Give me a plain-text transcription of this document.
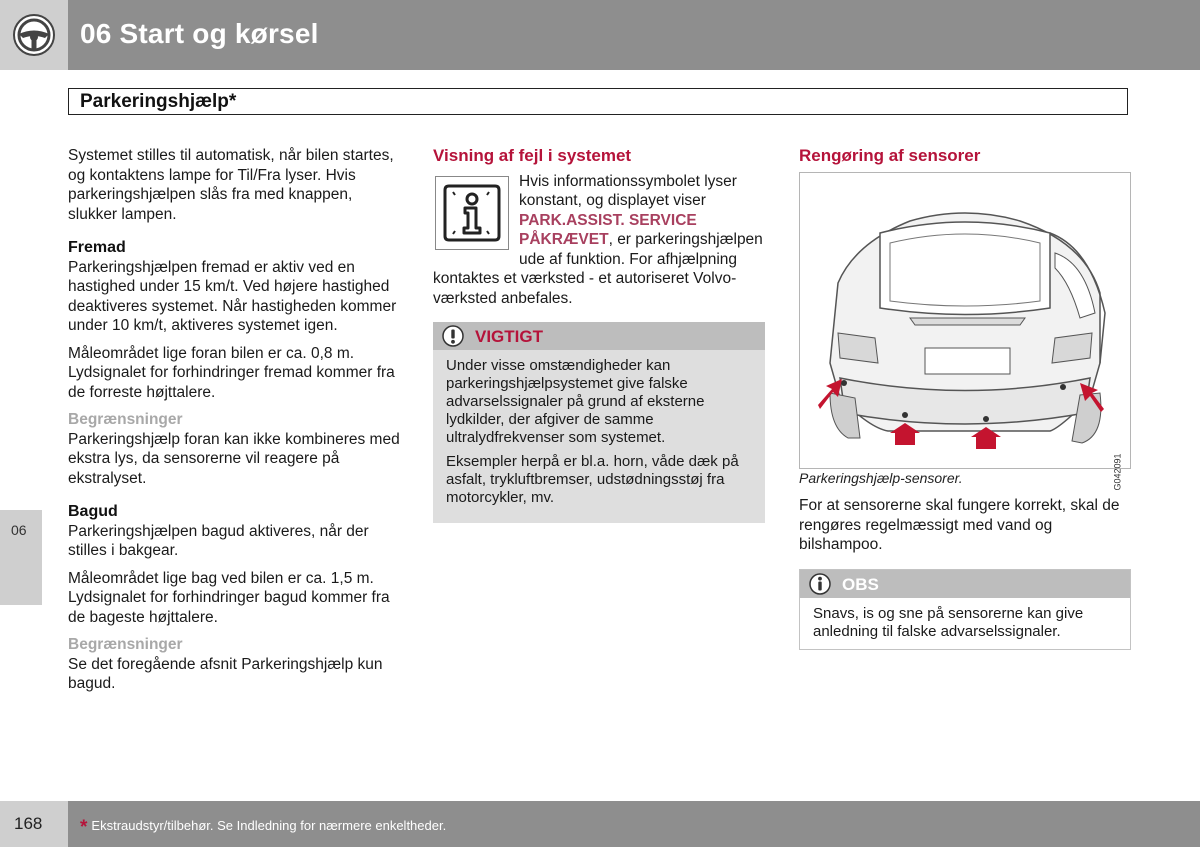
06 Start og kørsel
06
Parkeringshjælp*

Systemet stilles til automatisk, når bilen startes, og kontaktens lampe for Til/Fra lyser. Hvis parkeringshjælpen slås fra med knappen, slukker lampen.

Fremad

Parkeringshjælpen fremad er aktiv ved en hastighed under 15 km/t. Ved højere hastighed deaktiveres systemet. Når hastigheden kommer under 10 km/t, aktiveres systemet igen.

Måleområdet lige foran bilen er ca. 0,8 m. Lydsignalet for forhindringer fremad kommer fra de forreste højttalere.

Begrænsninger

Parkeringshjælp foran kan ikke kombineres med ekstra lys, da sensorerne vil reagere på ekstralyset.

Bagud

Parkeringshjælpen bagud aktiveres, når der stilles i bakgear.

Måleområdet lige bag ved bilen er ca. 1,5 m. Lydsignalet for forhindringer bagud kommer fra de bageste højttalere.

Begrænsninger

Se det foregående afsnit Parkeringshjælp kun bagud.

Visning af fejl i systemet

Hvis informationssymbolet lyser konstant, og displayet viser PARK.ASSIST. SERVICE PÅKRÆVET, er parkeringshjælpen ude af funktion. For afhjælpning kontaktes et værksted - et autoriseret Volvo-værksted anbefales.

VIGTIGT

Under visse omstændigheder kan parkeringshjælpsystemet give falske advarselssignaler på grund af eksterne lydkilder, der afgiver de samme ultralydfrekvenser som systemet.

Eksempler herpå er bl.a. horn, våde dæk på asfalt, trykluftbremser, udstødningsstøj fra motorcykler, mv.

Rengøring af sensorer
G042091

Parkeringshjælp-sensorer.

For at sensorerne skal fungere korrekt, skal de rengøres regelmæssigt med vand og bilshampoo.

OBS
Snavs, is og sne på sensorerne kan give anledning til falske advarselssignaler.
168 * Ekstraudstyr/tilbehør. Se Indledning for nærmere enkeltheder.
